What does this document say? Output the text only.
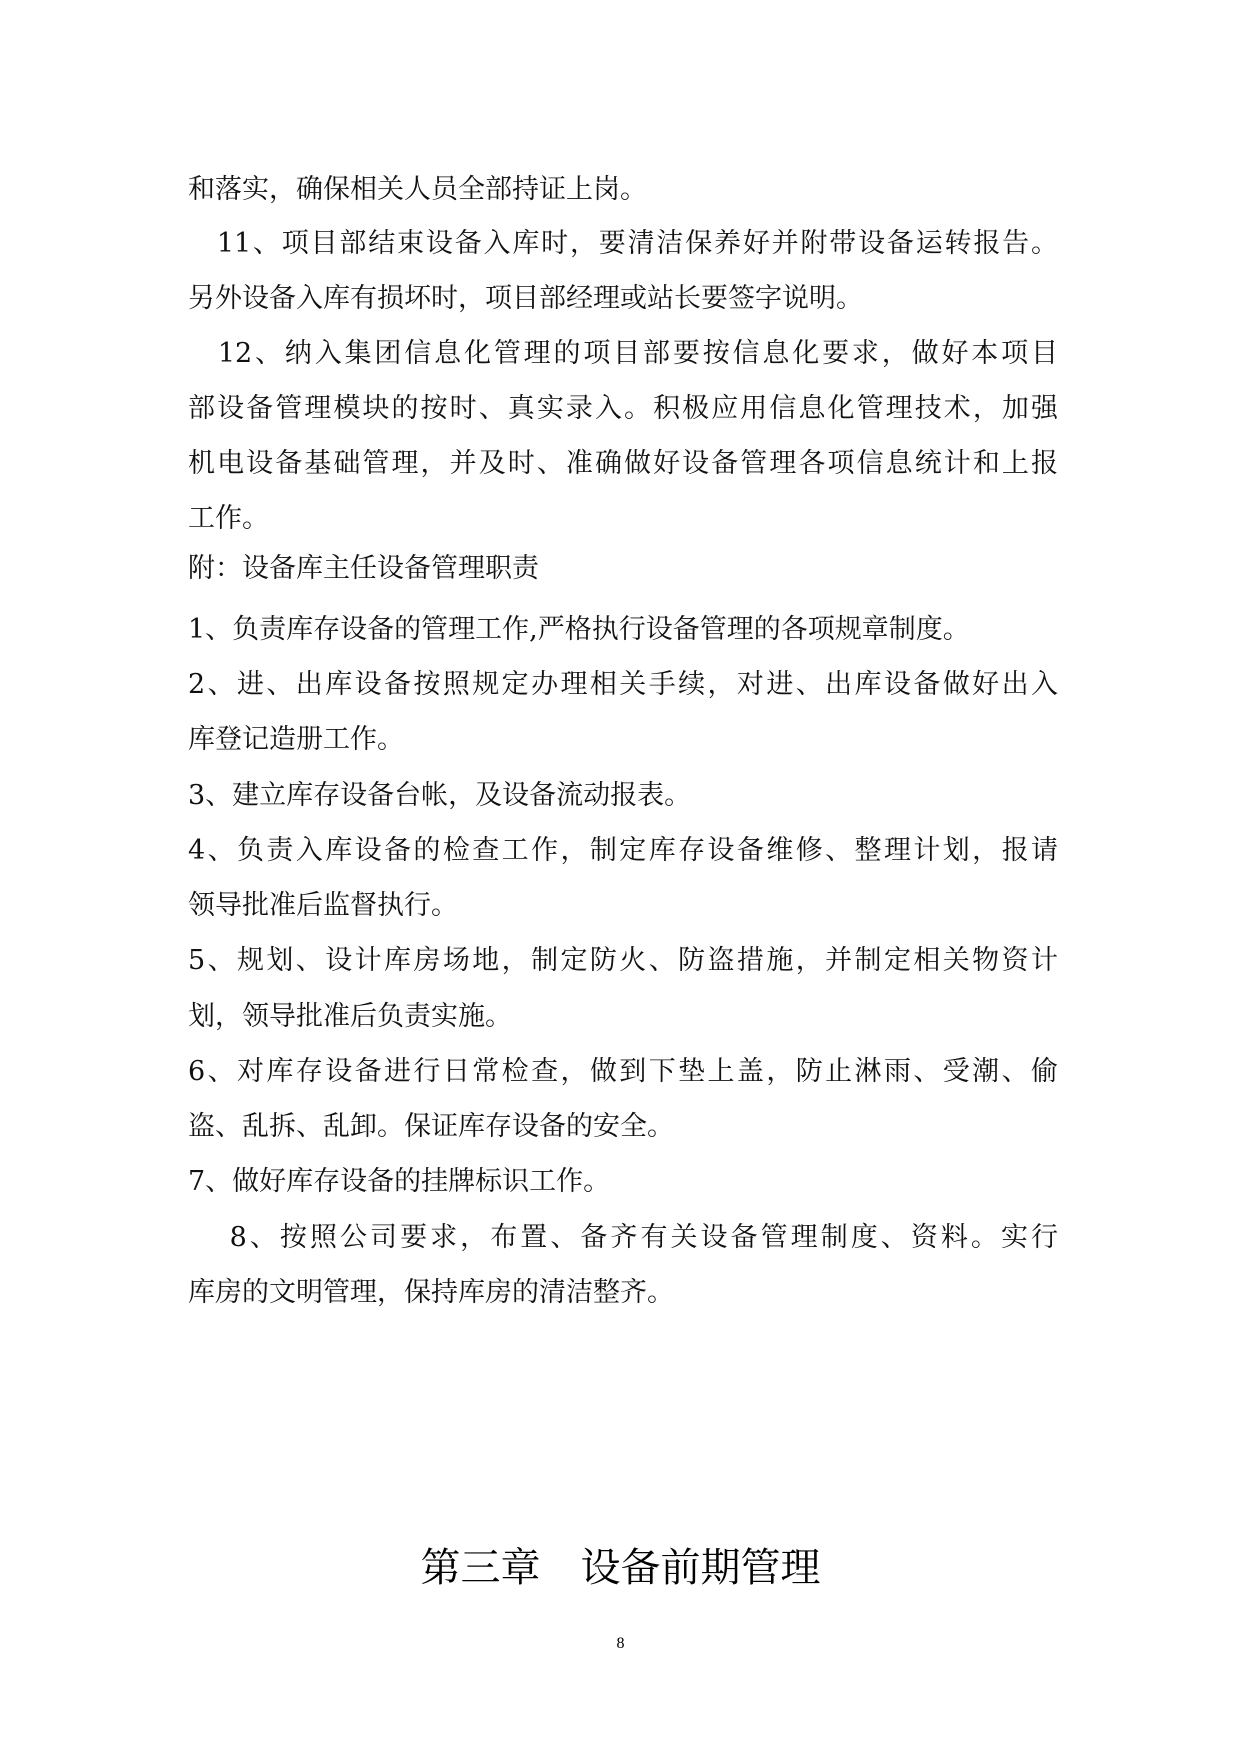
和落实，确保相关人员全部持证上岗。
　11、项目部结束设备入库时，要清洁保养好并附带设备运转报告。
另外设备入库有损坏时，项目部经理或站长要签字说明。
　12、纳入集团信息化管理的项目部要按信息化要求，做好本项目
部设备管理模块的按时、真实录入。积极应用信息化管理技术，加强
机电设备基础管理，并及时、准确做好设备管理各项信息统计和上报
工作。
附：设备库主任设备管理职责
1、负责库存设备的管理工作,严格执行设备管理的各项规章制度。
2、进、出库设备按照规定办理相关手续，对进、出库设备做好出入
库登记造册工作。
3、建立库存设备台帐，及设备流动报表。
4、负责入库设备的检查工作，制定库存设备维修、整理计划，报请
领导批准后监督执行。
5、规划、设计库房场地，制定防火、防盗措施，并制定相关物资计
划，领导批准后负责实施。
6、对库存设备进行日常检查，做到下垫上盖，防止淋雨、受潮、偷
盗、乱拆、乱卸。保证库存设备的安全。
7、做好库存设备的挂牌标识工作。
　 8、按照公司要求，布置、备齐有关设备管理制度、资料。实行
库房的文明管理，保持库房的清洁整齐。
第三章　设备前期管理
8
